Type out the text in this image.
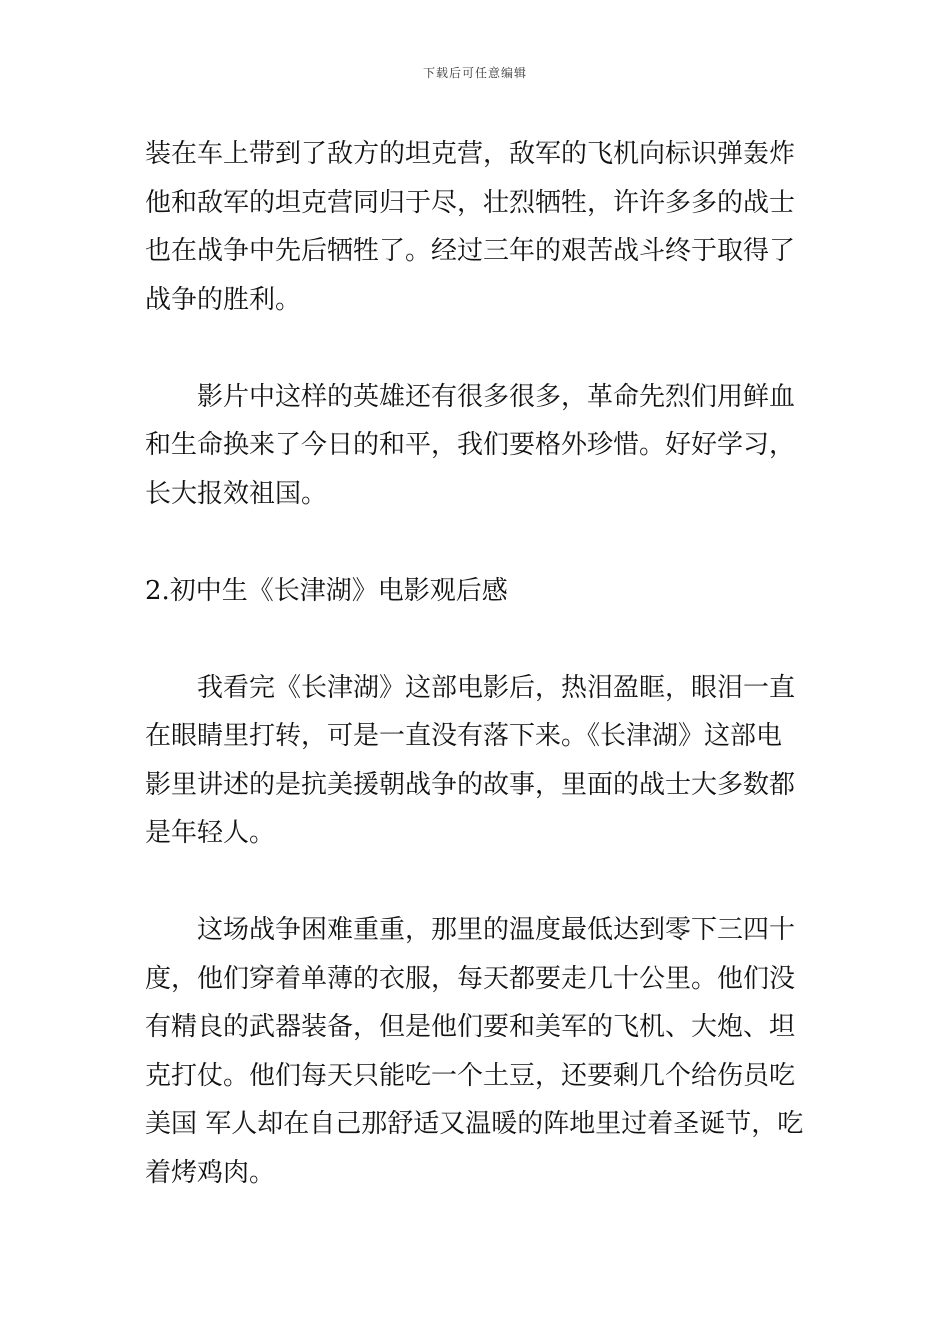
下载后可任意编辑
装在车上带到了敌方的坦克营，敌军的飞机向标识弹轰炸
他和敌军的坦克营同归于尽，壮烈牺牲，许许多多的战士
也在战争中先后牺牲了。经过三年的艰苦战斗终于取得了
战争的胜利。
影片中这样的英雄还有很多很多，革命先烈们用鲜血
和生命换来了今日的和平，我们要格外珍惜。好好学习，
长大报效祖国。
2.初中生《长津湖》电影观后感
我看完《长津湖》这部电影后，热泪盈眶，眼泪一直
在眼睛里打转，可是一直没有落下来。《长津湖》这部电
影里讲述的是抗美援朝战争的故事，里面的战士大多数都
是年轻人。
这场战争困难重重，那里的温度最低达到零下三四十
度，他们穿着单薄的衣服，每天都要走几十公里。他们没
有精良的武器装备，但是他们要和美军的飞机、大炮、坦
克打仗。他们每天只能吃一个土豆，还要剩几个给伤员吃
美国 军人却在自己那舒适又温暖的阵地里过着圣诞节，吃
着烤鸡肉。
